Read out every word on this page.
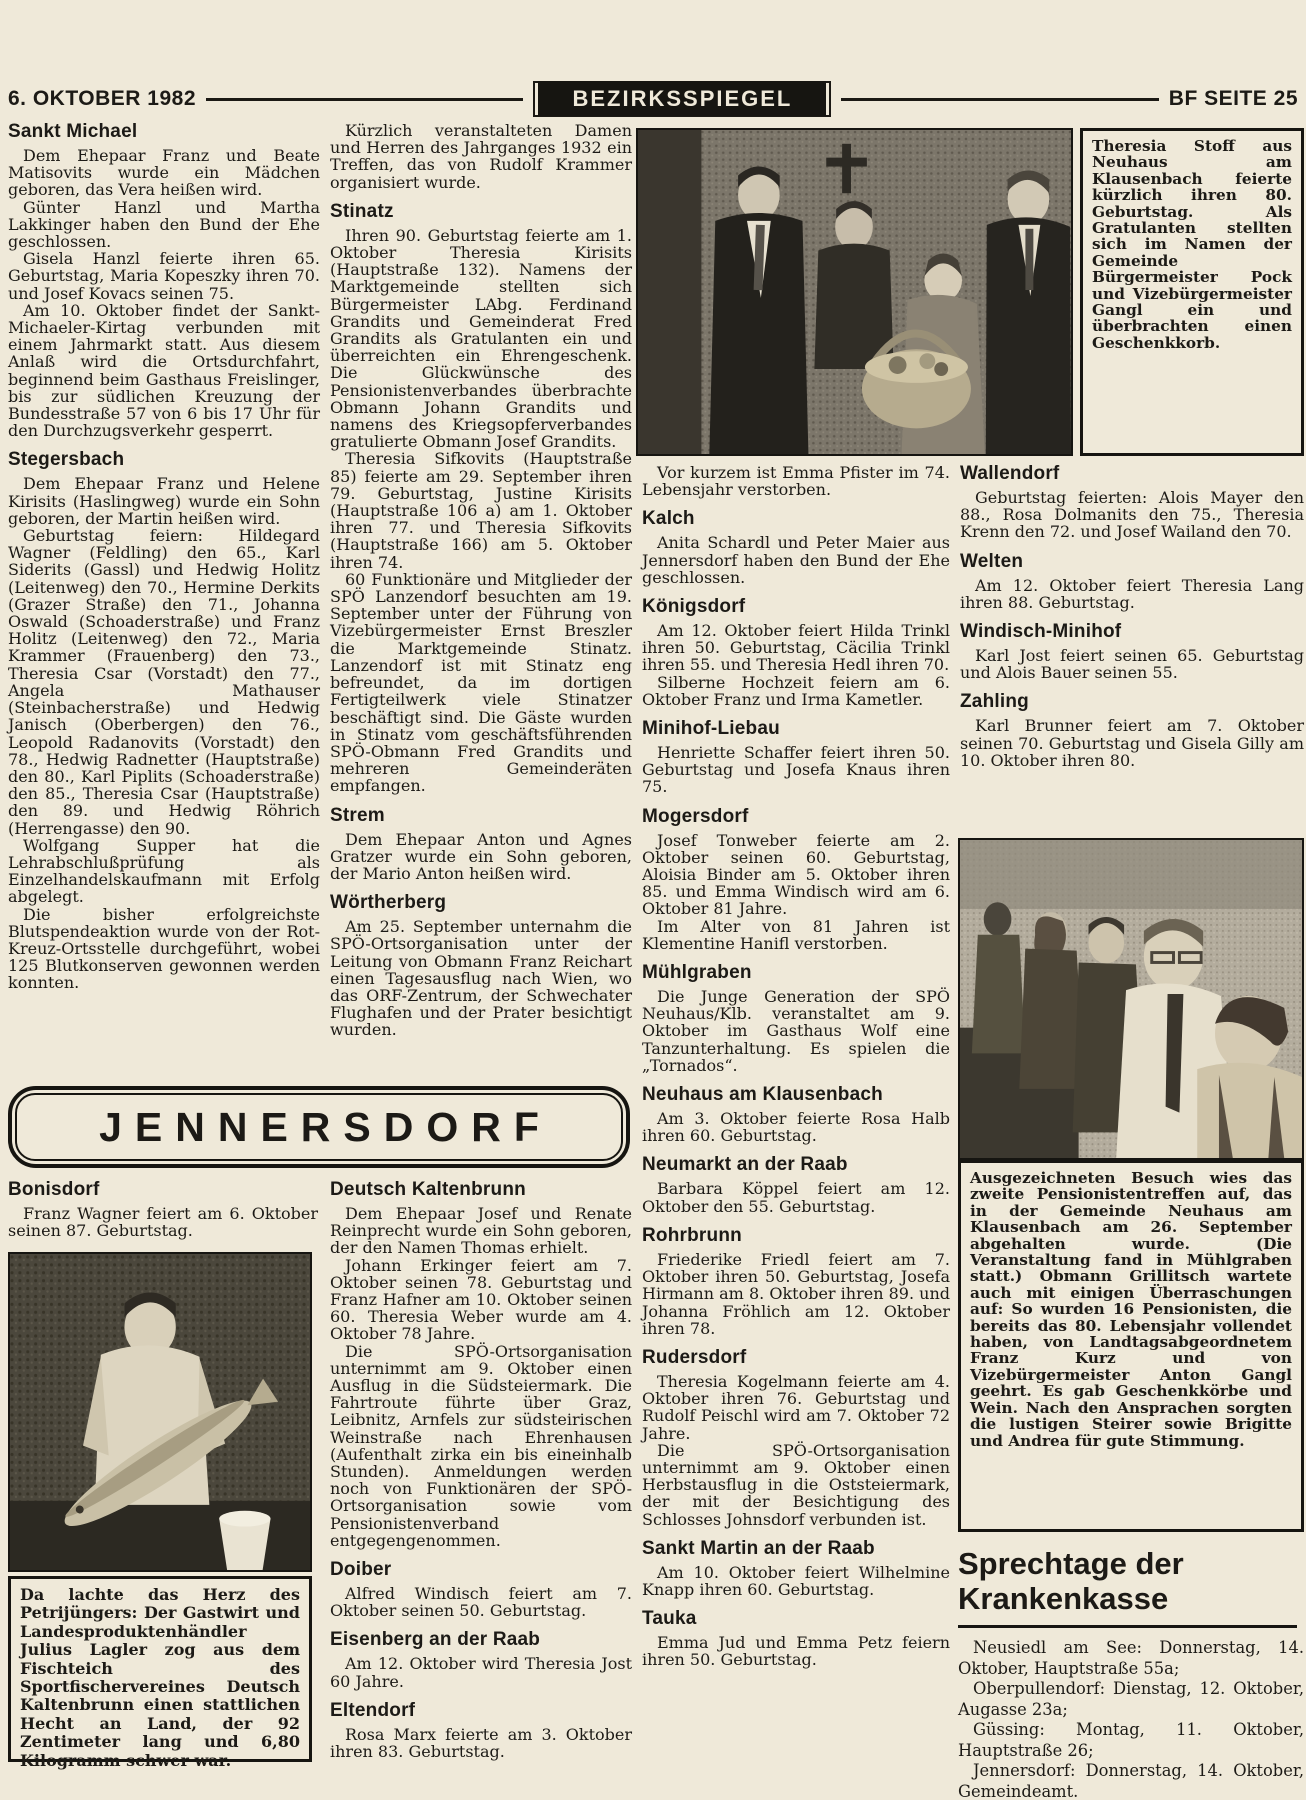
6. OKTOBER 1982	BEZIRKSSPIEGEL	BF SEITE 25
Sankt Michael

Dem Ehepaar Franz und Beate Matisovits wurde ein Mädchen geboren, das Vera heißen wird.

Günter Hanzl und Martha Lakkinger haben den Bund der Ehe geschlossen.

Gisela Hanzl feierte ihren 65. Geburtstag, Maria Kopeszky ihren 70. und Josef Kovacs seinen 75.

Am 10. Oktober findet der Sankt-Michaeler-Kirtag verbunden mit einem Jahrmarkt statt. Aus diesem Anlaß wird die Ortsdurchfahrt, beginnend beim Gasthaus Freislinger, bis zur südlichen Kreuzung der Bundesstraße 57 von 6 bis 17 Uhr für den Durchzugsverkehr gesperrt.

Stegersbach

Dem Ehepaar Franz und Helene Kirisits (Haslingweg) wurde ein Sohn geboren, der Martin heißen wird.

Geburtstag feiern: Hildegard Wagner (Feldling) den 65., Karl Siderits (Gassl) und Hedwig Holitz (Leitenweg) den 70., Hermine Derkits (Grazer Straße) den 71., Johanna Oswald (Schoaderstraße) und Franz Holitz (Leitenweg) den 72., Maria Krammer (Frauenberg) den 73., Theresia Csar (Vorstadt) den 77., Angela Mathauser (Steinbacherstraße) und Hedwig Janisch (Oberbergen) den 76., Leopold Radanovits (Vorstadt) den 78., Hedwig Radnetter (Hauptstraße) den 80., Karl Piplits (Schoaderstraße) den 85., Theresia Csar (Hauptstraße) den 89. und Hedwig Röhrich (Herrengasse) den 90.

Wolfgang Supper hat die Lehrabschlußprüfung als Einzelhandelskaufmann mit Erfolg abgelegt.

Die bisher erfolgreichste Blutspendeaktion wurde von der Rot-Kreuz-Ortsstelle durchgeführt, wobei 125 Blutkonserven gewonnen werden konnten.

Kürzlich veranstalteten Damen und Herren des Jahrganges 1932 ein Treffen, das von Rudolf Krammer organisiert wurde.

Stinatz

Ihren 90. Geburtstag feierte am 1. Oktober Theresia Kirisits (Hauptstraße 132). Namens der Marktgemeinde stellten sich Bürgermeister LAbg. Ferdinand Grandits und Gemeinderat Fred Grandits als Gratulanten ein und überreichten ein Ehrengeschenk. Die Glückwünsche des Pensionistenverbandes überbrachte Obmann Johann Grandits und namens des Kriegsopferverbandes gratulierte Obmann Josef Grandits.

Theresia Sifkovits (Hauptstraße 85) feierte am 29. September ihren 79. Geburtstag, Justine Kirisits (Hauptstraße 106 a) am 1. Oktober ihren 77. und Theresia Sifkovits (Hauptstraße 166) am 5. Oktober ihren 74.

60 Funktionäre und Mitglieder der SPÖ Lanzendorf besuchten am 19. September unter der Führung von Vizebürgermeister Ernst Breszler die Marktgemeinde Stinatz. Lanzendorf ist mit Stinatz eng befreundet, da im dortigen Fertigteilwerk viele Stinatzer beschäftigt sind. Die Gäste wurden in Stinatz vom geschäftsführenden SPÖ-Obmann Fred Grandits und mehreren Gemeinderäten empfangen.

Strem

Dem Ehepaar Anton und Agnes Gratzer wurde ein Sohn geboren, der Mario Anton heißen wird.

Wörtherberg

Am 25. September unternahm die SPÖ-Ortsorganisation unter der Leitung von Obmann Franz Reichart einen Tagesausflug nach Wien, wo das ORF-Zentrum, der Schwechater Flughafen und der Prater besichtigt wurden.

Theresia Stoff aus Neuhaus am Klausenbach feierte kürzlich ihren 80. Geburtstag. Als Gratulanten stellten sich im Namen der Gemeinde Bürgermeister Pock und Vizebürgermeister Gangl ein und überbrachten einen Geschenkkorb.

Vor kurzem ist Emma Pfister im 74. Lebensjahr verstorben.

Kalch

Anita Schardl und Peter Maier aus Jennersdorf haben den Bund der Ehe geschlossen.

Königsdorf

Am 12. Oktober feiert Hilda Trinkl ihren 50. Geburtstag, Cäcilia Trinkl ihren 55. und Theresia Hedl ihren 70.

Silberne Hochzeit feiern am 6. Oktober Franz und Irma Kametler.

Minihof-Liebau

Henriette Schaffer feiert ihren 50. Geburtstag und Josefa Knaus ihren 75.

Mogersdorf

Josef Tonweber feierte am 2. Oktober seinen 60. Geburtstag, Aloisia Binder am 5. Oktober ihren 85. und Emma Windisch wird am 6. Oktober 81 Jahre.

Im Alter von 81 Jahren ist Klementine Hanifl verstorben.

Mühlgraben

Die Junge Generation der SPÖ Neuhaus/Klb. veranstaltet am 9. Oktober im Gasthaus Wolf eine Tanzunterhaltung. Es spielen die „Tornados“.

Neuhaus am Klausenbach

Am 3. Oktober feierte Rosa Halb ihren 60. Geburtstag.

Neumarkt an der Raab

Barbara Köppel feiert am 12. Oktober den 55. Geburtstag.

Rohrbrunn

Friederike Friedl feiert am 7. Oktober ihren 50. Geburtstag, Josefa Hirmann am 8. Oktober ihren 89. und Johanna Fröhlich am 12. Oktober ihren 78.

Rudersdorf

Theresia Kogelmann feierte am 4. Oktober ihren 76. Geburtstag und Rudolf Peischl wird am 7. Oktober 72 Jahre.

Die SPÖ-Ortsorganisation unternimmt am 9. Oktober einen Herbstausflug in die Oststeiermark, der mit der Besichtigung des Schlosses Johnsdorf verbunden ist.

Sankt Martin an der Raab

Am 10. Oktober feiert Wilhelmine Knapp ihren 60. Geburtstag.

Tauka

Emma Jud und Emma Petz feiern ihren 50. Geburtstag.

Wallendorf

Geburtstag feierten: Alois Mayer den 88., Rosa Dolmanits den 75., Theresia Krenn den 72. und Josef Wailand den 70.

Welten

Am 12. Oktober feiert Theresia Lang ihren 88. Geburtstag.

Windisch-Minihof

Karl Jost feiert seinen 65. Geburtstag und Alois Bauer seinen 55.

Zahling

Karl Brunner feiert am 7. Oktober seinen 70. Geburtstag und Gisela Gilly am 10. Oktober ihren 80.

Ausgezeichneten Besuch wies das zweite Pensionistentreffen auf, das in der Gemeinde Neuhaus am Klausenbach am 26. September abgehalten wurde. (Die Veranstaltung fand in Mühlgraben statt.) Obmann Grillitsch wartete auch mit einigen Überraschungen auf: So wurden 16 Pensionisten, die bereits das 80. Lebensjahr vollendet haben, von Landtagsabgeordnetem Franz Kurz und von Vizebürgermeister Anton Gangl geehrt. Es gab Geschenkkörbe und Wein. Nach den Ansprachen sorgten die lustigen Steirer sowie Brigitte und Andrea für gute Stimmung.
Sprechtage der
Krankenkasse

Neusiedl am See: Donnerstag, 14. Oktober, Hauptstraße 55a;

Oberpullendorf: Dienstag, 12. Oktober, Augasse 23a;

Güssing: Montag, 11. Oktober, Hauptstraße 26;

Jennersdorf: Donnerstag, 14. Oktober, Gemeindeamt.

JENNERSDORF
Bonisdorf

Franz Wagner feiert am 6. Oktober seinen 87. Geburtstag.

Da lachte das Herz des Petrijüngers: Der Gastwirt und Landesproduktenhändler Julius Lagler zog aus dem Fischteich des Sportfischervereines Deutsch Kaltenbrunn einen stattlichen Hecht an Land, der 92 Zentimeter lang und 6,80 Kilogramm schwer war.
Deutsch Kaltenbrunn

Dem Ehepaar Josef und Renate Reinprecht wurde ein Sohn geboren, der den Namen Thomas erhielt.

Johann Erkinger feiert am 7. Oktober seinen 78. Geburtstag und Franz Hafner am 10. Oktober seinen 60. Theresia Weber wurde am 4. Oktober 78 Jahre.

Die SPÖ-Ortsorganisation unternimmt am 9. Oktober einen Ausflug in die Südsteiermark. Die Fahrtroute führte über Graz, Leibnitz, Arnfels zur südsteirischen Weinstraße nach Ehrenhausen (Aufenthalt zirka ein bis eineinhalb Stunden). Anmeldungen werden noch von Funktionären der SPÖ-Ortsorganisation sowie vom Pensionistenverband entgegengenommen.

Doiber

Alfred Windisch feiert am 7. Oktober seinen 50. Geburtstag.

Eisenberg an der Raab

Am 12. Oktober wird Theresia Jost 60 Jahre.

Eltendorf

Rosa Marx feierte am 3. Oktober ihren 83. Geburtstag.
